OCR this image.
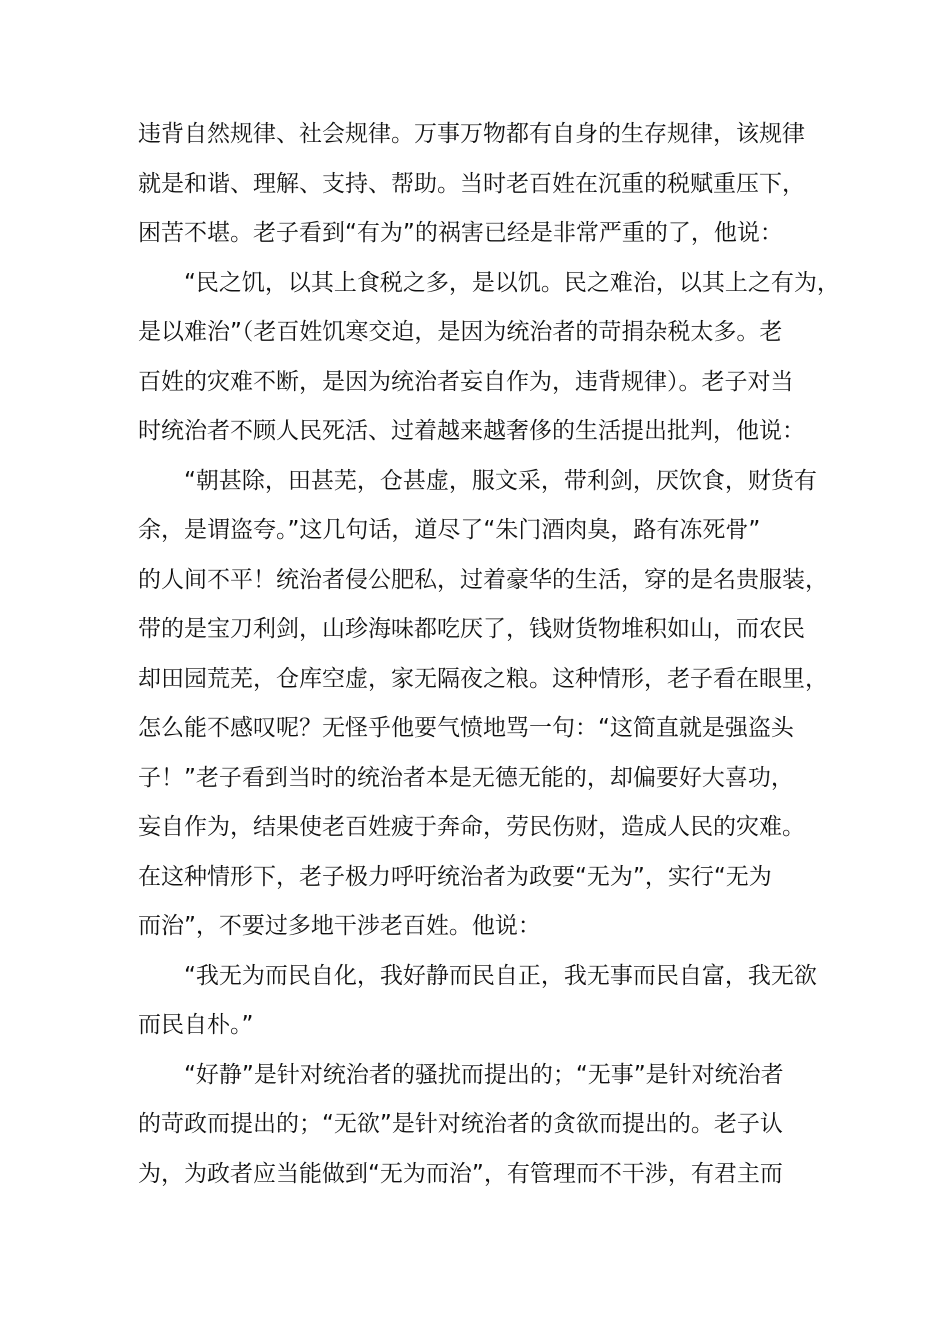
违背自然规律、社会规律。万事万物都有自身的生存规律，该规律
就是和谐、理解、支持、帮助。当时老百姓在沉重的税赋重压下，
困苦不堪。老子看到“有为”的祸害已经是非常严重的了，他说：
“民之饥，以其上食税之多，是以饥。民之难治，以其上之有为，
是以难治”（老百姓饥寒交迫，是因为统治者的苛捐杂税太多。老
百姓的灾难不断，是因为统治者妄自作为，违背规律）。老子对当
时统治者不顾人民死活、过着越来越奢侈的生活提出批判，他说：
“朝甚除，田甚芜，仓甚虚，服文采，带利剑，厌饮食，财货有
余，是谓盗夸。”这几句话，道尽了“朱门酒肉臭，路有冻死骨”
的人间不平！统治者侵公肥私，过着豪华的生活，穿的是名贵服装，
带的是宝刀利剑，山珍海味都吃厌了，钱财货物堆积如山，而农民
却田园荒芜，仓库空虚，家无隔夜之粮。这种情形，老子看在眼里，
怎么能不感叹呢？无怪乎他要气愤地骂一句：“这简直就是强盗头
子！”老子看到当时的统治者本是无德无能的，却偏要好大喜功，
妄自作为，结果使老百姓疲于奔命，劳民伤财，造成人民的灾难。
在这种情形下，老子极力呼吁统治者为政要“无为”，实行“无为
而治”，不要过多地干涉老百姓。他说：
“我无为而民自化，我好静而民自正，我无事而民自富，我无欲
而民自朴。”
“好静”是针对统治者的骚扰而提出的；“无事”是针对统治者
的苛政而提出的；“无欲”是针对统治者的贪欲而提出的。老子认
为，为政者应当能做到“无为而治”，有管理而不干涉，有君主而
